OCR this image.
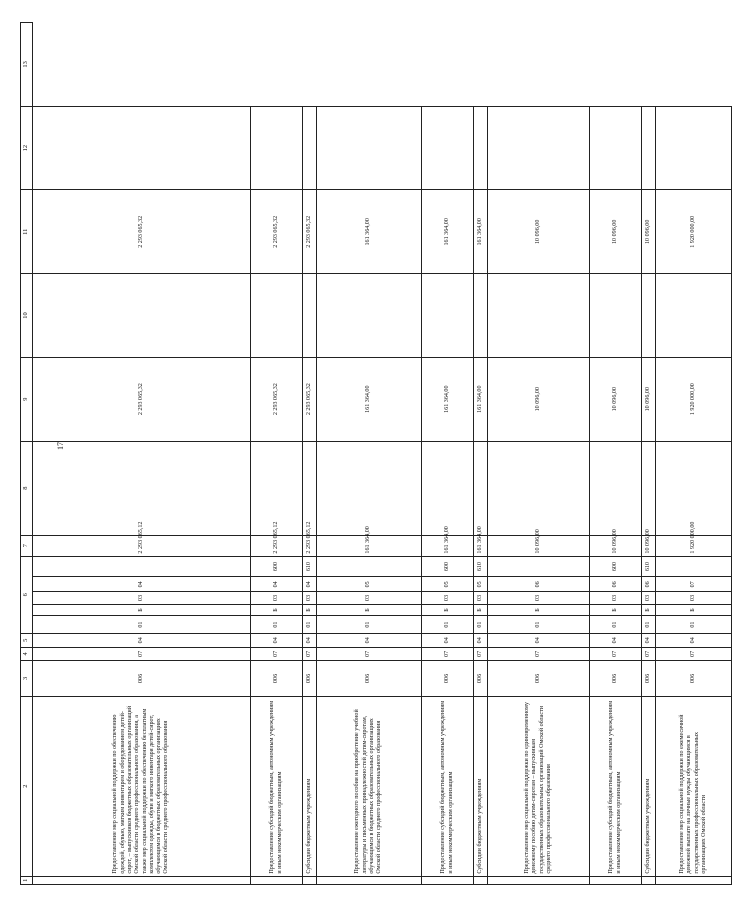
17
1	2	3	4	5	6					7	8	9	10	11	12	13
	Предоставление мер социальной поддержки по обеспечению одеждой, обувью, мягким инвентарем и оборудованием детей-сирот, – выпускников бюджетных образовательных организаций Омской области среднего профессионального образования, а также мер социальной поддержки по обеспечению бесплатным комплектом одежды, обуви и мягкого инвентаря детей-сирот, обучающимся в бюджетных образовательных организациях Омской области среднего профессионального образования	006	07	04	01	Б	03	04		2 293 065,12		2 293 065,32		2 293 065,32		
	Предоставление субсидий бюджетным, автономным учреждениям и иным некоммерческим организациям	006	07	04	01	Б	03	04	600	2 293 065,12		2 293 065,32		2 293 065,32		
	Субсидии бюджетным учреждениям	006	07	04	01	Б	03	04	610	2 293 065,12		2 293 065,32		2 293 065,32		
	Предоставление ежегодного пособия на приобретение учебной литературы и письменных принадлежностей детям-сиротам, обучающимся в бюджетных образовательных организациях Омской области среднего профессионального образования	006	07	04	01	Б	03	05		161 364,00		161 364,00		161 364,00		
	Предоставление субсидий бюджетным, автономным учреждениям и иным некоммерческим организациям	006	07	04	01	Б	03	05	600	161 364,00		161 364,00		161 364,00		
	Субсидии бюджетным учреждениям	006	07	04	01	Б	03	05	610	161 364,00		161 364,00		161 364,00		
	Предоставление мер социальной поддержки по единовременному денежному пособию детям-сиротам – выпускникам государственных образовательных организаций Омской области среднего профессионального образования	006	07	04	01	Б	03	06		10 096,00		10 096,00		10 096,00		
	Предоставление субсидий бюджетным, автономным учреждениям и иным некоммерческим организациям	006	07	04	01	Б	03	06	600	10 096,00		10 096,00		10 096,00		
	Субсидии бюджетным учреждениям	006	07	04	01	Б	03	06	610	10 096,00		10 096,00		10 096,00		
	Предоставление мер социальной поддержки по ежемесячной денежной выплате на личные нужды обучающимся в государственных профессиональных образовательных организациях Омской области	006	07	04	01	Б	03	07		1 920 000,00		1 920 000,00		1 920 000,00		
